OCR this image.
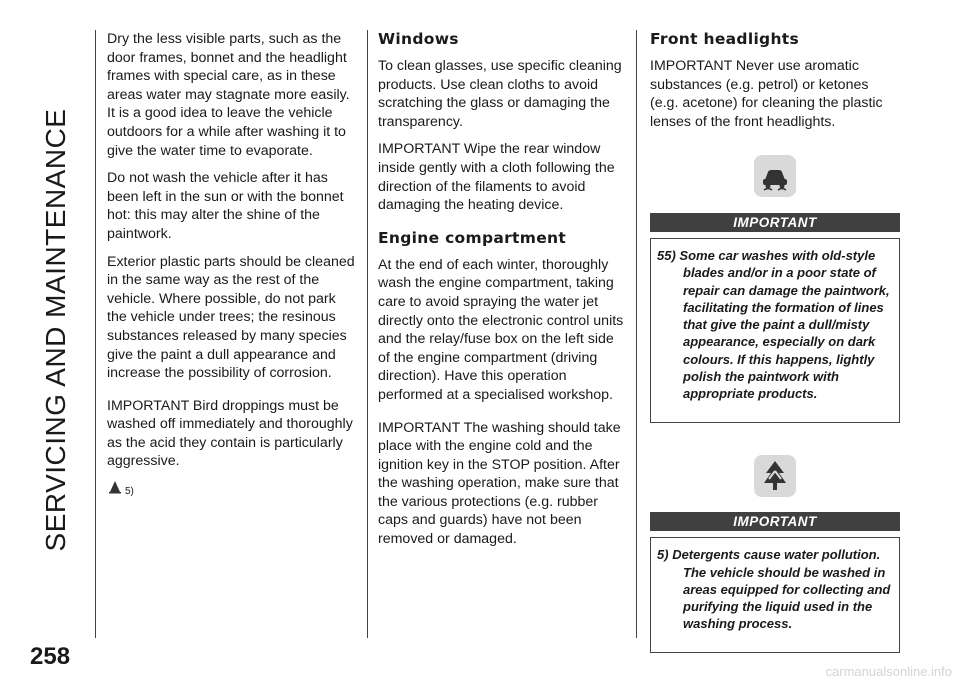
SERVICING AND MAINTENANCE

Dry the less visible parts, such as the door frames, bonnet and the headlight frames with special care, as in these areas water may stagnate more easily. It is a good idea to leave the vehicle outdoors for a while after washing it to give the water time to evaporate.

Do not wash the vehicle after it has been left in the sun or with the bonnet hot: this may alter the shine of the paintwork.

Exterior plastic parts should be cleaned in the same way as the rest of the vehicle. Where possible, do not park the vehicle under trees; the resinous substances released by many species give the paint a dull appearance and increase the possibility of corrosion.

IMPORTANT Bird droppings must be washed off immediately and thoroughly as the acid they contain is particularly aggressive.

5)
Windows

To clean glasses, use specific cleaning products. Use clean cloths to avoid scratching the glass or damaging the transparency.

IMPORTANT Wipe the rear window inside gently with a cloth following the direction of the filaments to avoid damaging the heating device.

Engine compartment

At the end of each winter, thoroughly wash the engine compartment, taking care to avoid spraying the water jet directly onto the electronic control units and the relay/fuse box on the left side of the engine compartment (driving direction). Have this operation performed at a specialised workshop.

IMPORTANT The washing should take place with the engine cold and the ignition key in the STOP position. After the washing operation, make sure that the various protections (e.g. rubber caps and guards) have not been removed or damaged.

Front headlights

IMPORTANT Never use aromatic substances (e.g. petrol) or ketones (e.g. acetone) for cleaning the plastic lenses of the front headlights.

IMPORTANT

55) Some car washes with old-style blades and/or in a poor state of repair can damage the paintwork, facilitating the formation of lines that give the paint a dull/misty appearance, especially on dark colours. If this happens, lightly polish the paintwork with appropriate products.

IMPORTANT

5) Detergents cause water pollution. The vehicle should be washed in areas equipped for collecting and purifying the liquid used in the washing process.

258
carmanualsonline.info
